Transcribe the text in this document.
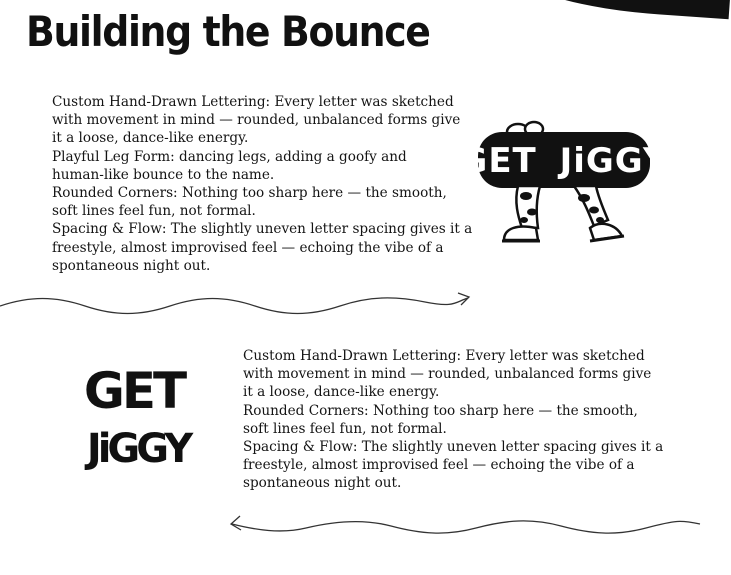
Building the Bounce
Custom Hand-Drawn Lettering: Every letter was sketched
with movement in mind — rounded, unbalanced forms give
it a loose, dance-like energy.
Playful Leg Form: dancing legs, adding a goofy and
human-like bounce to the name.
Rounded Corners: Nothing too sharp here — the smooth,
soft lines feel fun, not formal.
Spacing & Flow: The slightly uneven letter spacing gives it a
freestyle, almost improvised feel — echoing the vibe of a
spontaneous night out.
GET JiGGY
GET
JiGGY
Custom Hand-Drawn Lettering: Every letter was sketched
with movement in mind — rounded, unbalanced forms give
it a loose, dance-like energy.
Rounded Corners: Nothing too sharp here — the smooth,
soft lines feel fun, not formal.
Spacing & Flow: The slightly uneven letter spacing gives it a
freestyle, almost improvised feel — echoing the vibe of a
spontaneous night out.
